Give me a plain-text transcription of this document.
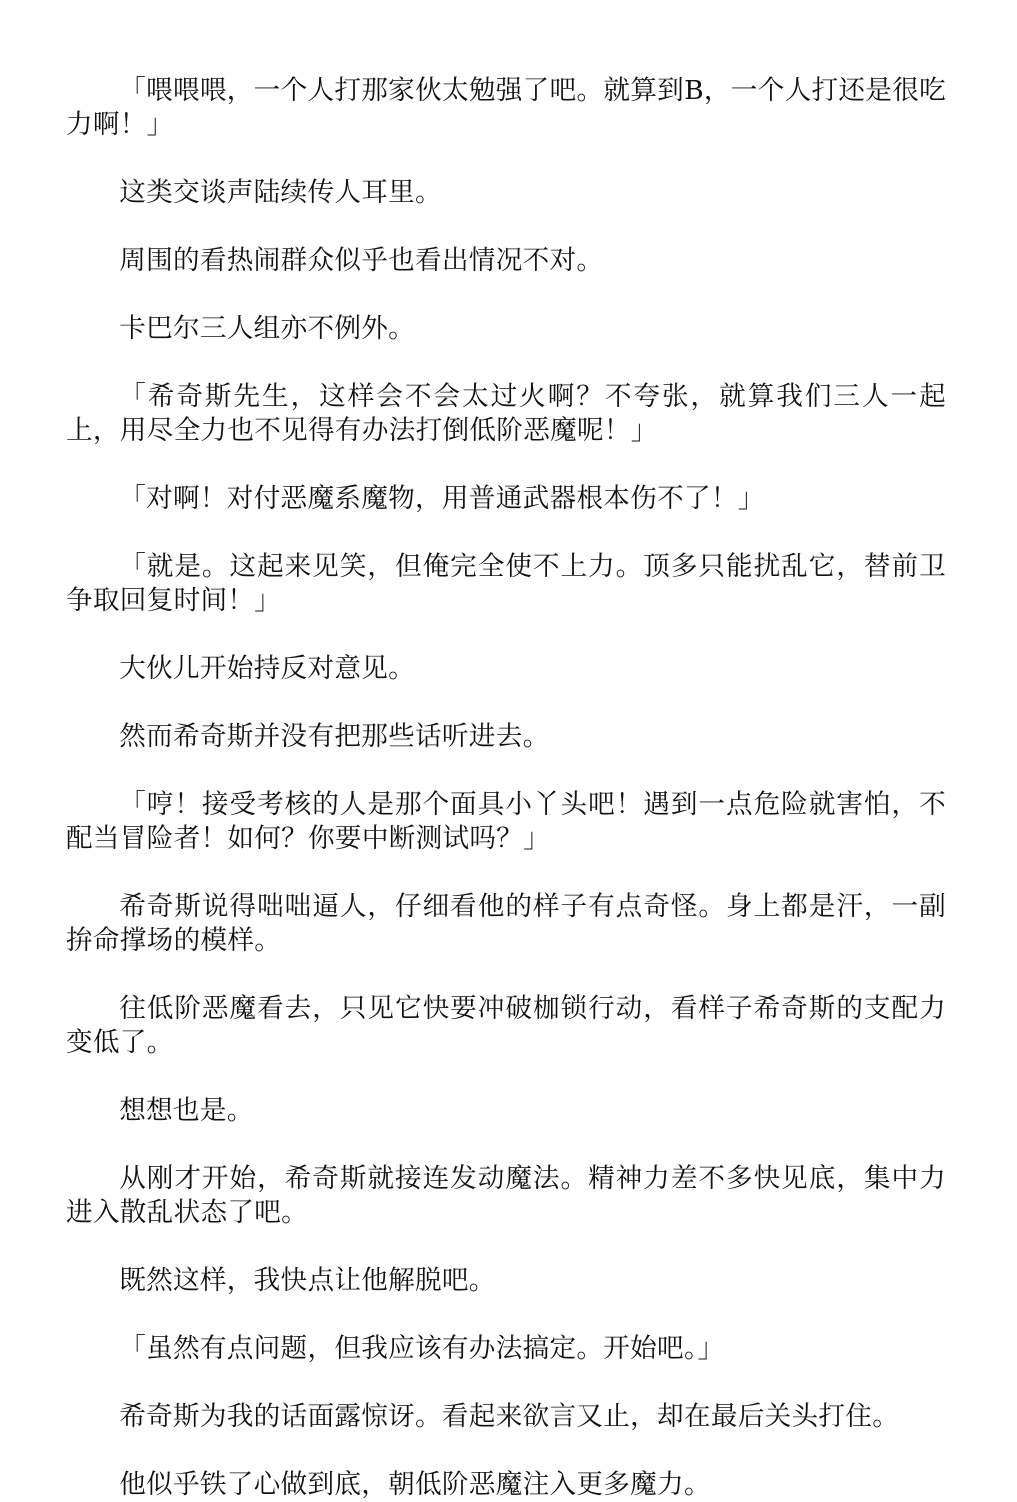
「喂喂喂，一个人打那家伙太勉强了吧。就算到B，一个人打还是很吃力啊！」

这类交谈声陆续传人耳里。

周围的看热闹群众似乎也看出情况不对。

卡巴尔三人组亦不例外。

「希奇斯先生，这样会不会太过火啊？不夸张，就算我们三人一起上，用尽全力也不见得有办法打倒低阶恶魔呢！」

「对啊！对付恶魔系魔物，用普通武器根本伤不了！」

「就是。这起来见笑，但俺完全使不上力。顶多只能扰乱它，替前卫争取回复时间！」

大伙儿开始持反对意见。

然而希奇斯并没有把那些话听进去。

「哼！接受考核的人是那个面具小丫头吧！遇到一点危险就害怕，不配当冒险者！如何？你要中断测试吗？」

希奇斯说得咄咄逼人，仔细看他的样子有点奇怪。身上都是汗，一副拚命撑场的模样。

往低阶恶魔看去，只见它快要冲破枷锁行动，看样子希奇斯的支配力变低了。

想想也是。

从刚才开始，希奇斯就接连发动魔法。精神力差不多快见底，集中力进入散乱状态了吧。

既然这样，我快点让他解脱吧。

「虽然有点问题，但我应该有办法搞定。开始吧。」

希奇斯为我的话面露惊讶。看起来欲言又止，却在最后关头打住。

他似乎铁了心做到底，朝低阶恶魔注入更多魔力。
